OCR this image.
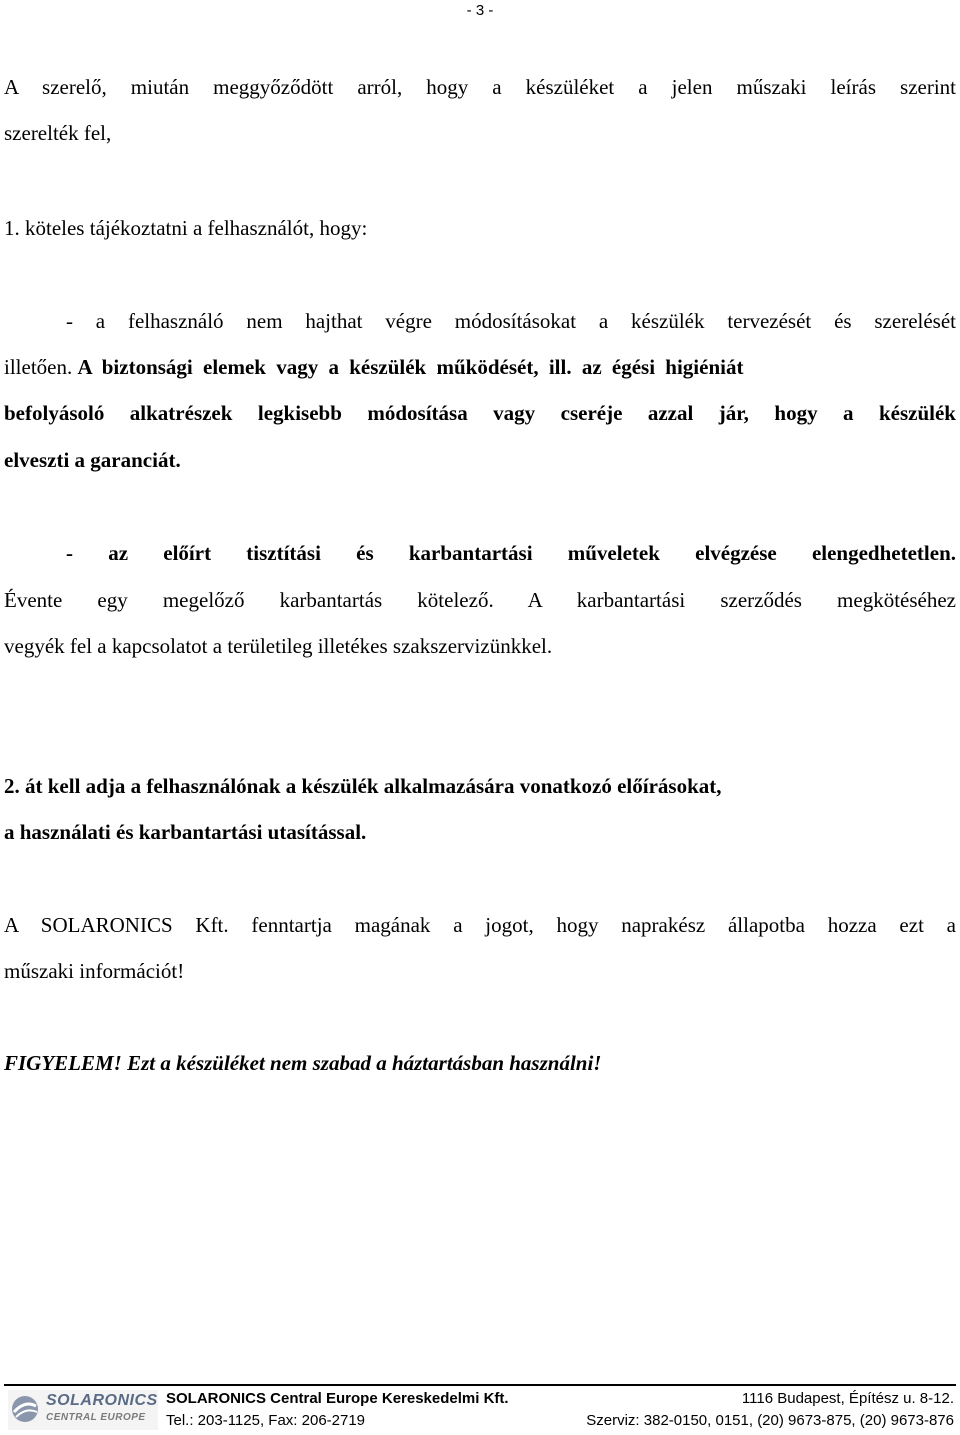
- 3 -
A szerelő, miután meggyőződött arról, hogy a készüléket a jelen műszaki leírás szerint
szerelték fel,
1. köteles tájékoztatni a felhasználót, hogy:
- a felhasználó nem hajthat végre módosításokat a készülék tervezését és szerelését
illetően. A biztonsági elemek vagy a készülék működését, ill. az égési higiéniát
befolyásoló alkatrészek legkisebb módosítása vagy cseréje azzal jár, hogy a készülék
elveszti a garanciát.
- az előírt tisztítási és karbantartási műveletek elvégzése elengedhetetlen.
Évente egy megelőző karbantartás kötelező. A karbantartási szerződés megkötéséhez
vegyék fel a kapcsolatot a területileg illetékes szakszervizünkkel.
2. át kell adja a felhasználónak a készülék alkalmazására vonatkozó előírásokat,
a használati és karbantartási utasítással.
A SOLARONICS Kft. fenntartja magának a jogot, hogy naprakész állapotba hozza ezt a
műszaki információt!
FIGYELEM! Ezt a készüléket nem szabad a háztartásban használni!
SOLARONICS
CENTRAL EUROPE
SOLARONICS Central Europe Kereskedelmi Kft.	1116 Budapest, Építész u. 8-12.
Tel.: 203-1125, Fax: 206-2719	Szerviz: 382-0150, 0151, (20) 9673-875, (20) 9673-876
